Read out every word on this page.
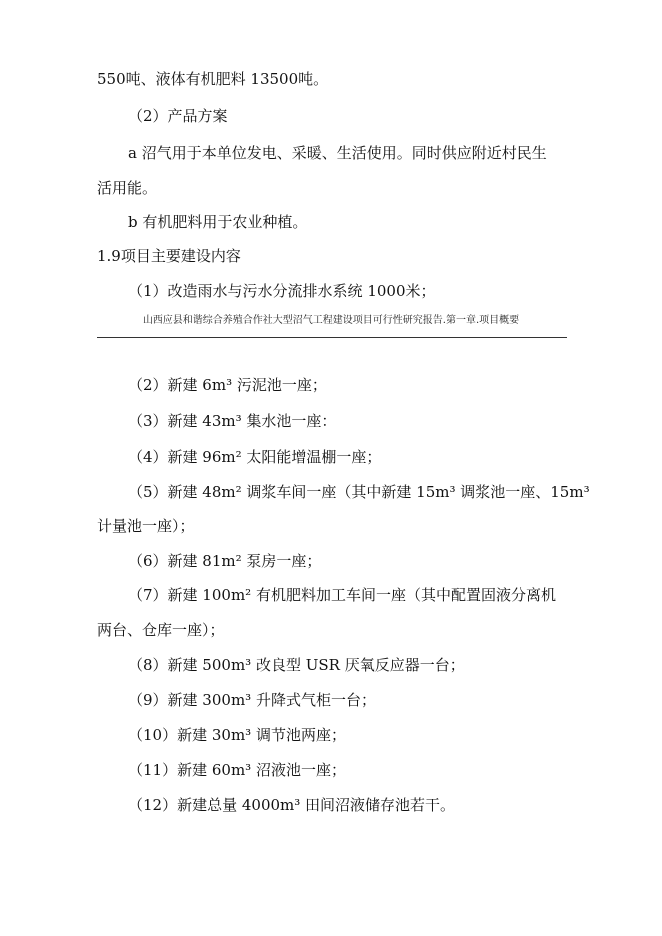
550吨、液体有机肥料 13500吨。
（2）产品方案
a 沼气用于本单位发电、采暖、生活使用。同时供应附近村民生
活用能。
b 有机肥料用于农业种植。
1.9项目主要建设内容
（1）改造雨水与污水分流排水系统 1000米；
山西应县和谐综合养殖合作社大型沼气工程建设项目可行性研究报告.第一章.项目概要
（2）新建 6m³ 污泥池一座；
（3）新建 43m³ 集水池一座：
（4）新建 96m² 太阳能增温棚一座；
（5）新建 48m² 调浆车间一座（其中新建 15m³ 调浆池一座、15m³
计量池一座）；
（6）新建 81m² 泵房一座；
（7）新建 100m² 有机肥料加工车间一座（其中配置固液分离机
两台、仓库一座）；
（8）新建 500m³ 改良型 USR 厌氧反应器一台；
（9）新建 300m³ 升降式气柜一台；
（10）新建 30m³ 调节池两座；
（11）新建 60m³ 沼液池一座；
（12）新建总量 4000m³ 田间沼液储存池若干。
